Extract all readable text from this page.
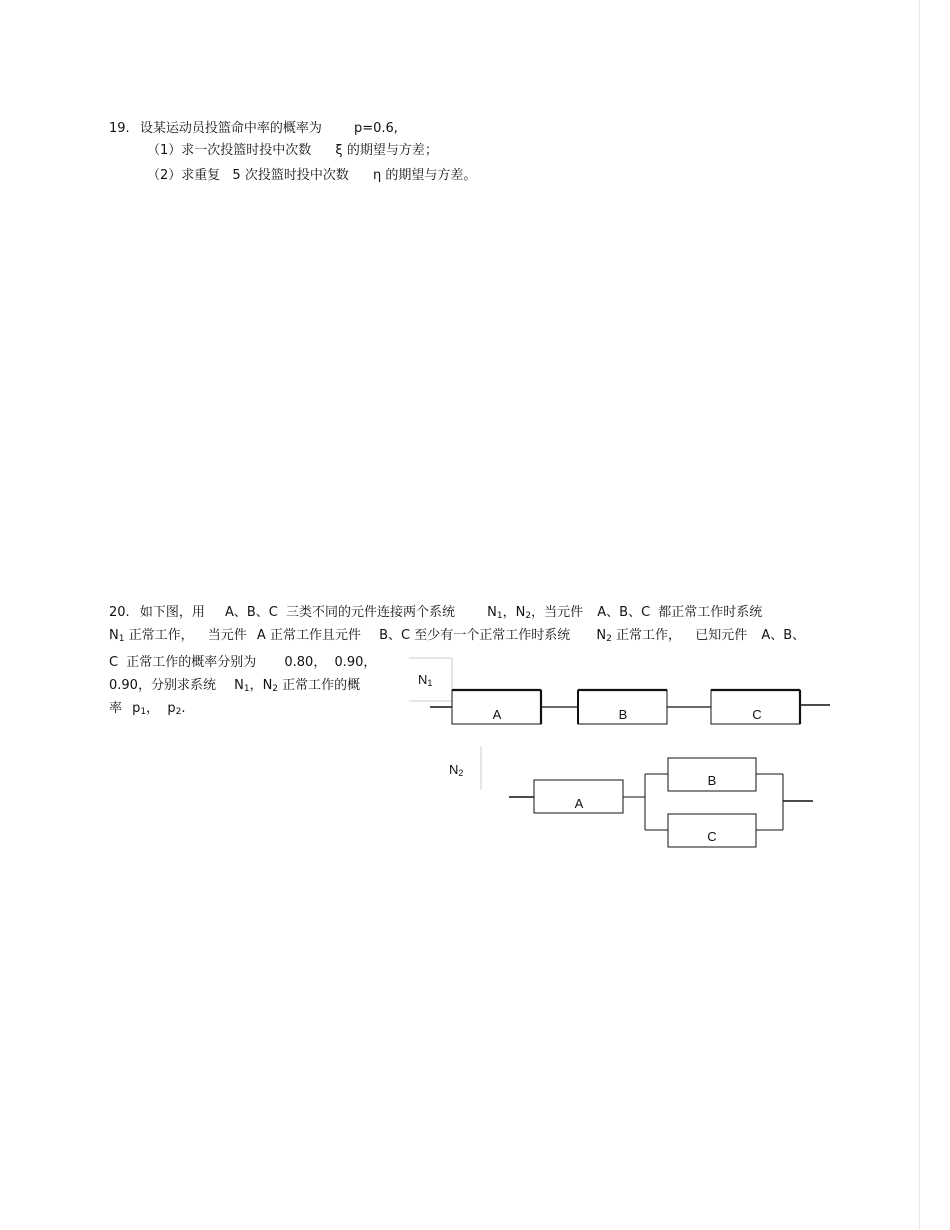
19. 设某运动员投篮命中率的概率为 p=0.6,
（1）求一次投篮时投中次数 ξ 的期望与方差；
（2）求重复 5 次投篮时投中次数 η 的期望与方差。
20. 如下图，用 A、B、C 三类不同的元件连接两个系统 $N_1$，$N_2$，当元件 A、B、C 都正常工作时系统
$N_1$ 正常工作， 当元件 A 正常工作且元件 B、C 至少有一个正常工作时系统 $N_2$ 正常工作， 已知元件 A、B、
C 正常工作的概率分别为 0.80， 0.90，
0.90，分别求系统 $N_1$，$N_2$ 正常工作的概
率 $p_1$， $p_2$.
N1
A	B	C
N2
A
B
C
